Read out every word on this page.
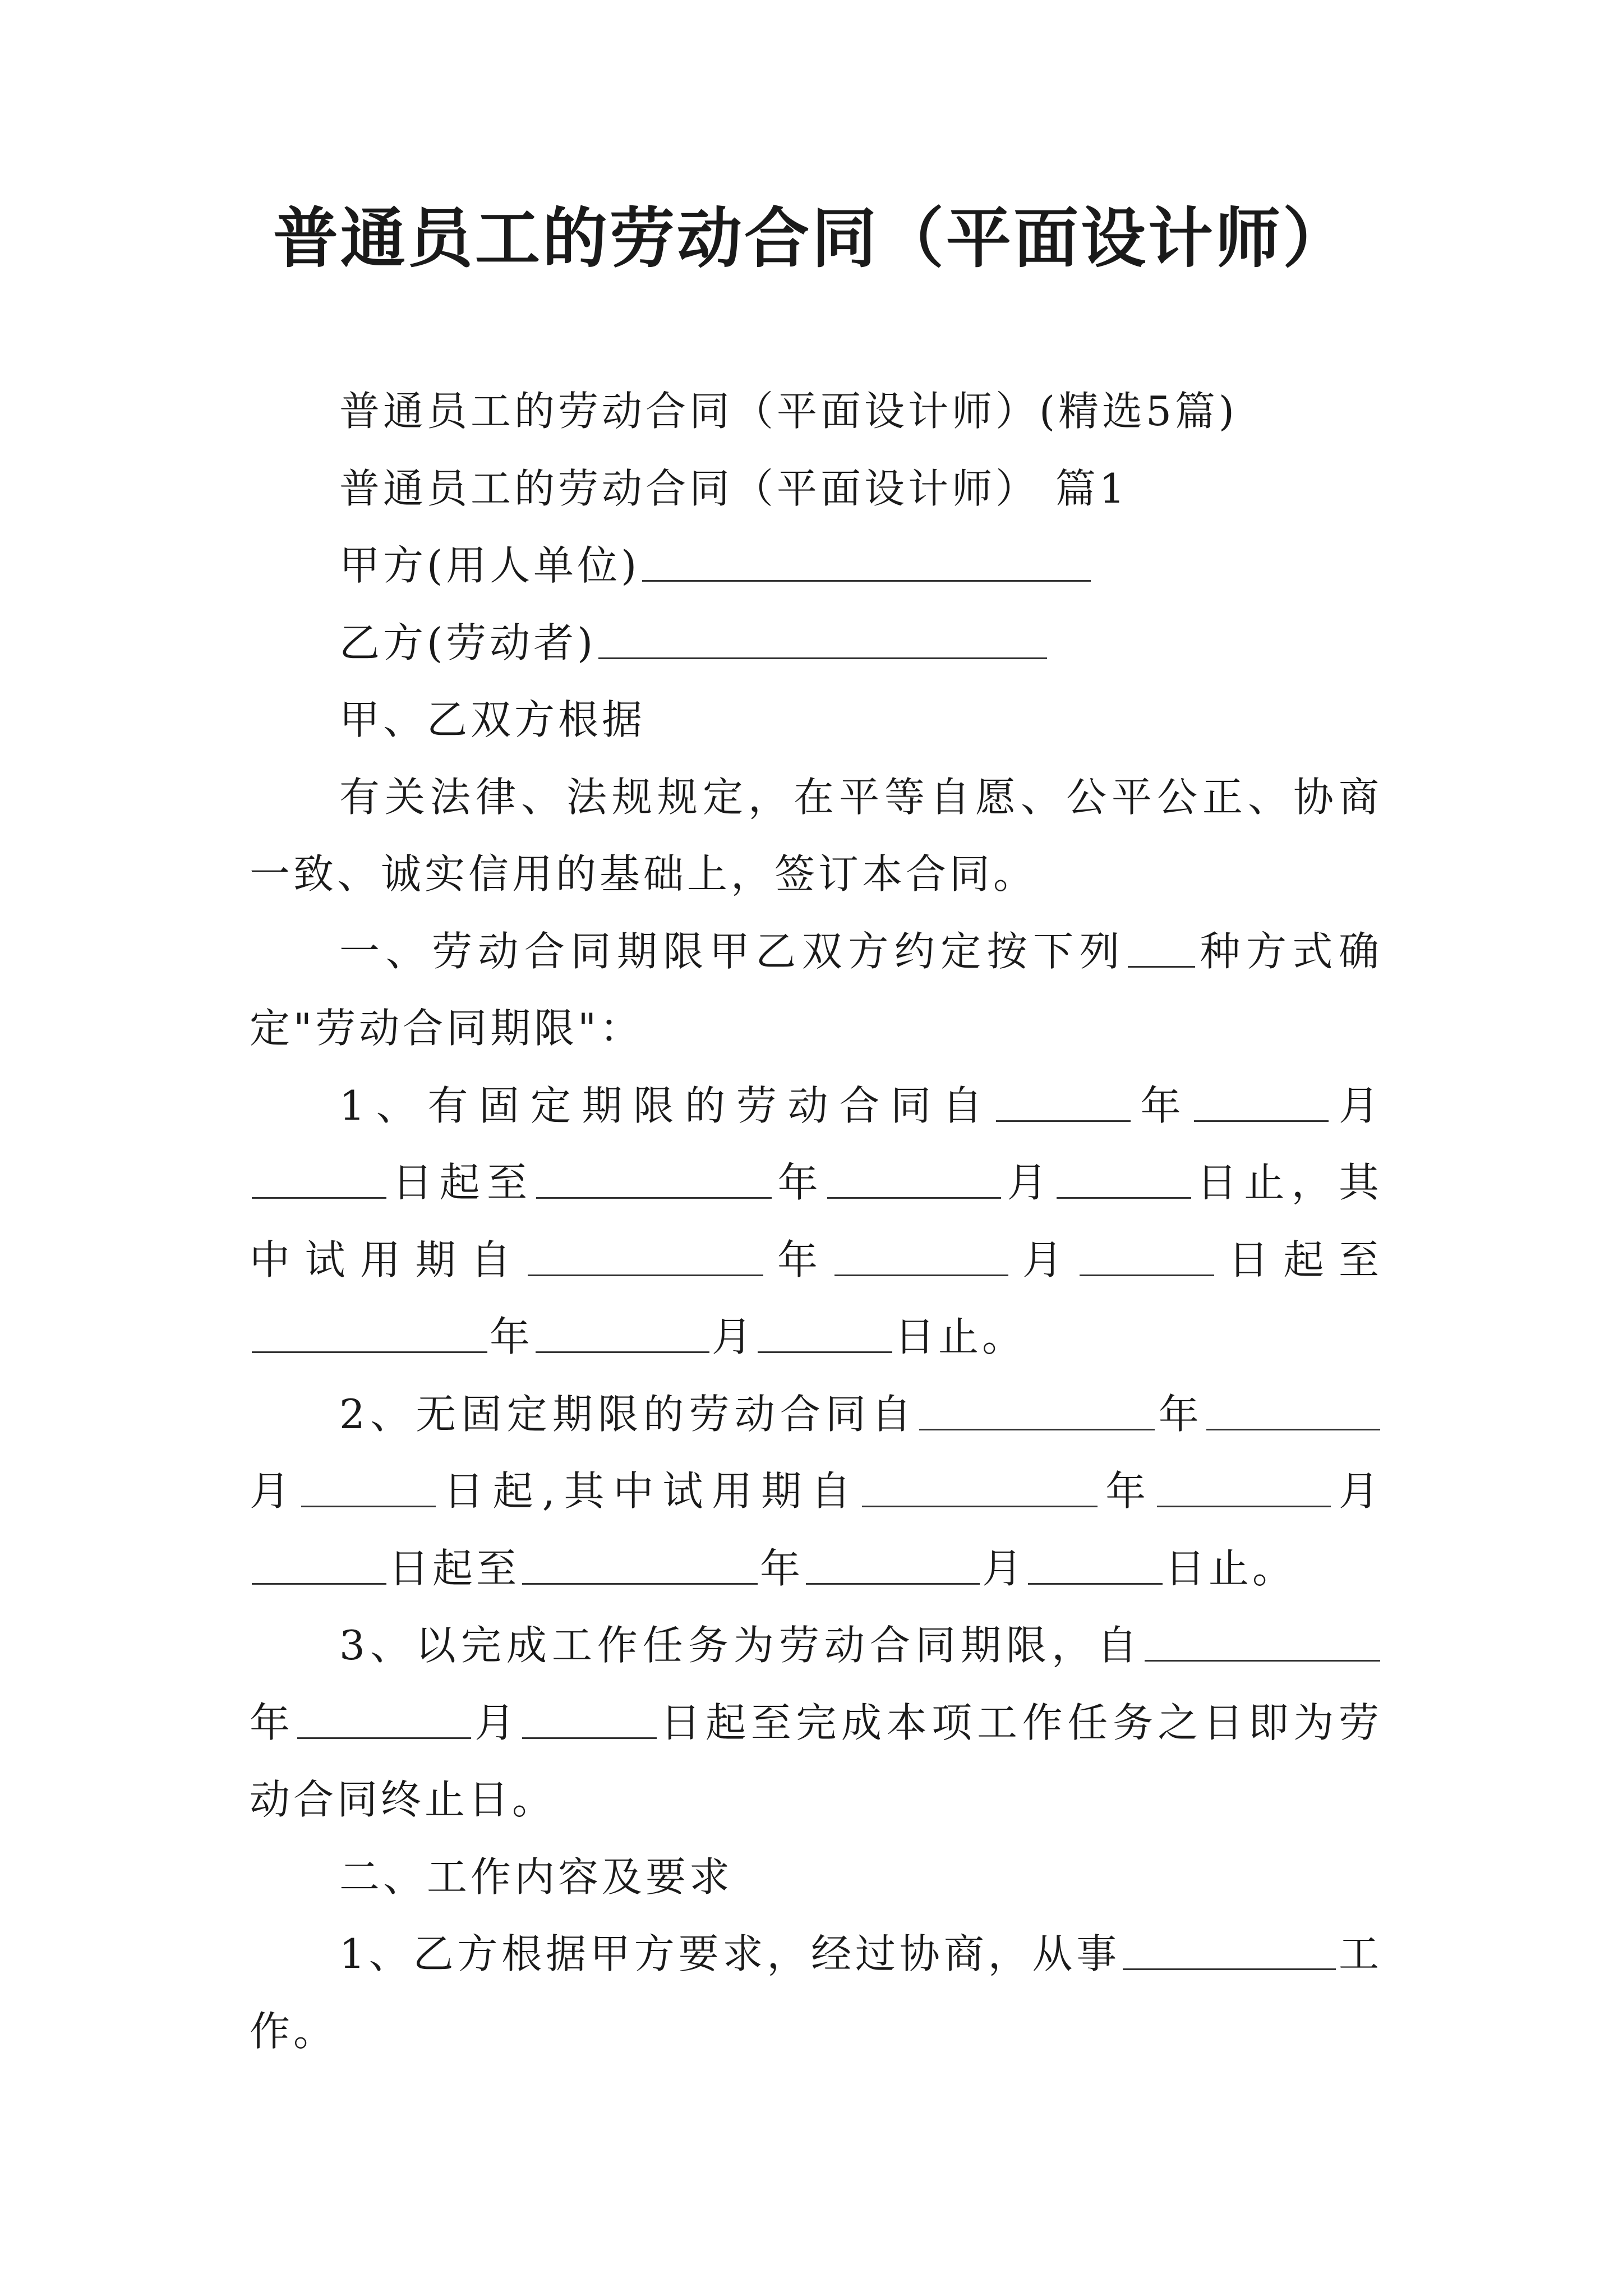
普通员工的劳动合同（平面设计师）

普通员工的劳动合同（平面设计师）(精选5篇)

普通员工的劳动合同（平面设计师） 篇1

甲方(用人单位)

乙方(劳动者)

甲、乙双方根据

有关法律、法规规定，在平等自愿、公平公正、协商一致、诚实信用的基础上，签订本合同。

一、劳动合同期限甲乙双方约定按下列 种方式确定"劳动合同期限"：

1、有固定期限的劳动合同自	年	月日起至	年	月	日止，其中试用期自	年	月	日起至年	月	日止。

2、无固定期限的劳动合同自	年月	日起,其中试用期自	年	月日起至	年	月	日止。

3、以完成工作任务为劳动合同期限，自年	月	日起至完成本项工作任务之日即为劳动合同终止日。

二、工作内容及要求

1、乙方根据甲方要求，经过协商，从事	工作。
